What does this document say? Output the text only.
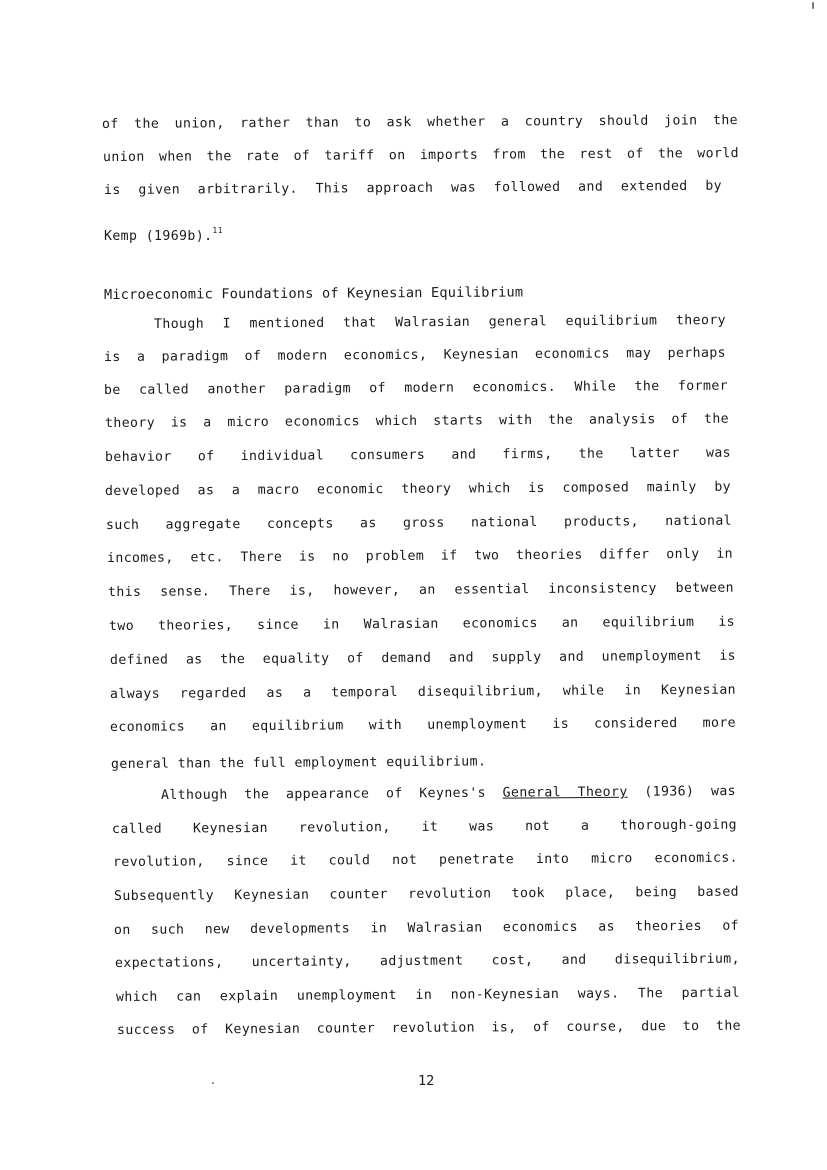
of the union, rather than to ask whether a country should join the
union when the rate of tariff on imports from the rest of the world
is given arbitrarily. This approach was followed and extended by
Kemp (1969b).$^{11}$
Microeconomic Foundations of Keynesian Equilibrium
Though I mentioned that Walrasian general equilibrium theory
is a paradigm of modern economics, Keynesian economics may perhaps
be called another paradigm of modern economics. While the former
theory is a micro economics which starts with the analysis of the
behavior of individual consumers and firms, the latter was
developed as a macro economic theory which is composed mainly by
such aggregate concepts as gross national products, national
incomes, etc. There is no problem if two theories differ only in
this sense. There is, however, an essential inconsistency between
two theories, since in Walrasian economics an equilibrium is
defined as the equality of demand and supply and unemployment is
always regarded as a temporal disequilibrium, while in Keynesian
economics an equilibrium with unemployment is considered more
general than the full employment equilibrium.
Although the appearance of Keynes's General Theory (1936) was
called Keynesian revolution, it was not a thorough-going
revolution, since it could not penetrate into micro economics.
Subsequently Keynesian counter revolution took place, being based
on such new developments in Walrasian economics as theories of
expectations, uncertainty, adjustment cost, and disequilibrium,
which can explain unemployment in non-Keynesian ways. The partial
success of Keynesian counter revolution is, of course, due to the
12
